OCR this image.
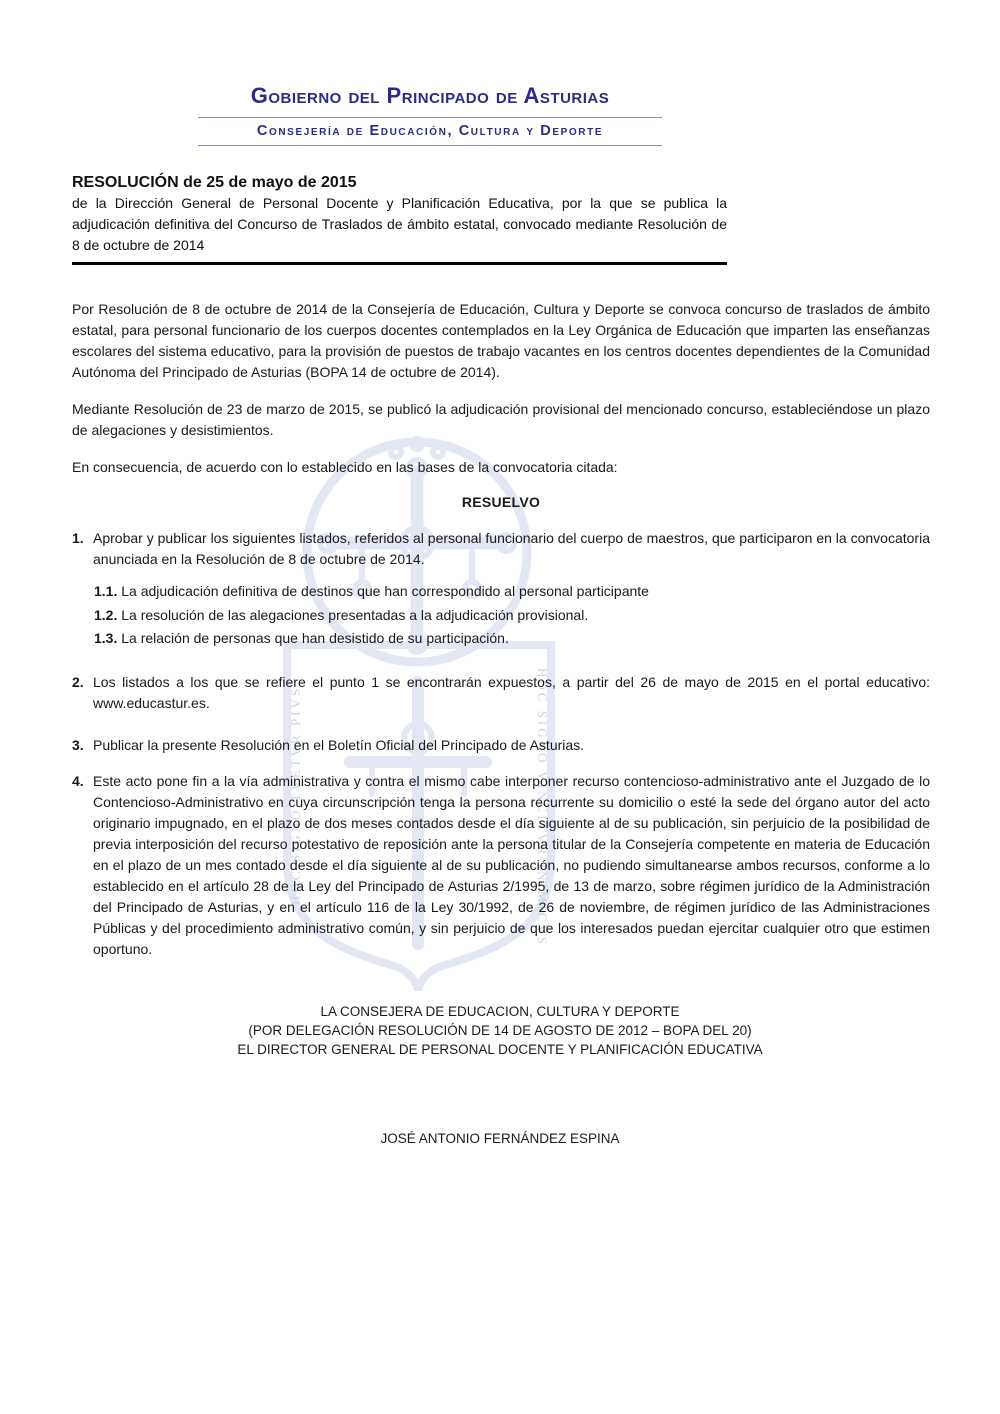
HOC SIGNO TVETVR PIVS	HOC SIGNO VINCITVR INIMICVS
Gobierno del Principado de Asturias
Consejería de Educación, Cultura y Deporte
RESOLUCIÓN de 25 de mayo de 2015

de la Dirección General de Personal Docente y Planificación Educativa, por la que se publica la adjudicación definitiva del Concurso de Traslados de ámbito estatal, convocado mediante Resolución de 8 de octubre de 2014

Por Resolución de 8 de octubre de 2014 de la Consejería de Educación, Cultura y Deporte se convoca concurso de traslados de ámbito estatal, para personal funcionario de los cuerpos docentes contemplados en la Ley Orgánica de Educación que imparten las enseñanzas escolares del sistema educativo, para la provisión de puestos de trabajo vacantes en los centros docentes dependientes de la Comunidad Autónoma del Principado de Asturias (BOPA 14 de octubre de 2014).

Mediante Resolución de 23 de marzo de 2015, se publicó la adjudicación provisional del mencionado concurso, estableciéndose un plazo de alegaciones y desistimientos.

En consecuencia, de acuerdo con lo establecido en las bases de la convocatoria citada:

RESUELVO
1. Aprobar y publicar los siguientes listados, referidos al personal funcionario del cuerpo de maestros, que participaron en la convocatoria anunciada en la Resolución de 8 de octubre de 2014.
1.1. La adjudicación definitiva de destinos que han correspondido al personal participante
1.2. La resolución de las alegaciones presentadas a la adjudicación provisional.
1.3. La relación de personas que han desistido de su participación.
2. Los listados a los que se refiere el punto 1 se encontrarán expuestos, a partir del 26 de mayo de 2015 en el portal educativo: www.educastur.es.
3. Publicar la presente Resolución en el Boletín Oficial del Principado de Asturias.
4. Este acto pone fin a la vía administrativa y contra el mismo cabe interponer recurso contencioso-administrativo ante el Juzgado de lo Contencioso-Administrativo en cuya circunscripción tenga la persona recurrente su domicilio o esté la sede del órgano autor del acto originario impugnado, en el plazo de dos meses contados desde el día siguiente al de su publicación, sin perjuicio de la posibilidad de previa interposición del recurso potestativo de reposición ante la persona titular de la Consejería competente en materia de Educación en el plazo de un mes contado desde el día siguiente al de su publicación, no pudiendo simultanearse ambos recursos, conforme a lo establecido en el artículo 28 de la Ley del Principado de Asturias 2/1995, de 13 de marzo, sobre régimen jurídico de la Administración del Principado de Asturias, y en el artículo 116 de la Ley 30/1992, de 26 de noviembre, de régimen jurídico de las Administraciones Públicas y del procedimiento administrativo común, y sin perjuicio de que los interesados puedan ejercitar cualquier otro que estimen oportuno.
LA CONSEJERA DE EDUCACION, CULTURA Y DEPORTE
(POR DELEGACIÓN RESOLUCIÓN DE 14 DE AGOSTO DE 2012 – BOPA DEL 20)
EL DIRECTOR GENERAL DE PERSONAL DOCENTE Y PLANIFICACIÓN EDUCATIVA
JOSÉ ANTONIO FERNÁNDEZ ESPINA
